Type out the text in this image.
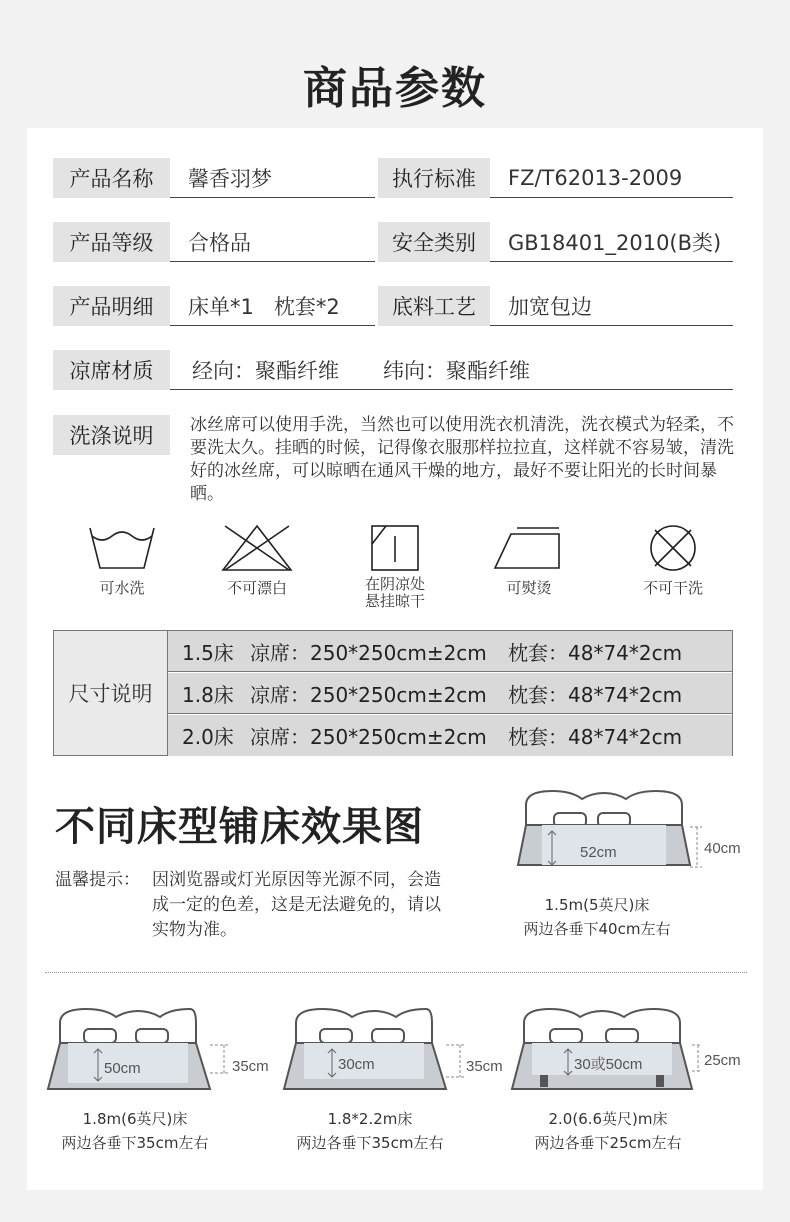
商品参数
产品名称	馨香羽梦	执行标准	FZ/T62013-2009
产品等级	合格品	安全类别	GB18401_2010(B类)
产品明细	床单*1   枕套*2	底料工艺	加宽包边
凉席材质	经向：聚酯纤维 纬向：聚酯纤维
洗涤说明	冰丝席可以使用手洗，当然也可以使用洗衣机清洗，洗衣模式为轻柔，不要洗太久。挂晒的时候，记得像衣服那样拉拉直，这样就不容易皱，清洗好的冰丝席，可以晾晒在通风干燥的地方，最好不要让阳光的长时间暴晒。
可水洗	不可漂白	在阴凉处
悬挂晾干
可熨烫	不可干洗
尺寸说明
1.5床 凉席：250*250cm±2cm	枕套：48*74*2cm
1.8床 凉席：250*250cm±2cm	枕套：48*74*2cm
2.0床 凉席：250*250cm±2cm	枕套：48*74*2cm
不同床型铺床效果图
温馨提示： 因浏览器或灯光原因等光源不同，会造成一定的色差，这是无法避免的，请以实物为准。
52cm	40cm
1.5m(5英尺)床
两边各垂下40cm左右
50cm	35cm
1.8m(6英尺)床
两边各垂下35cm左右
30cm	35cm
1.8*2.2m床
两边各垂下35cm左右
30或50cm	25cm
2.0(6.6英尺)m床
两边各垂下25cm左右
